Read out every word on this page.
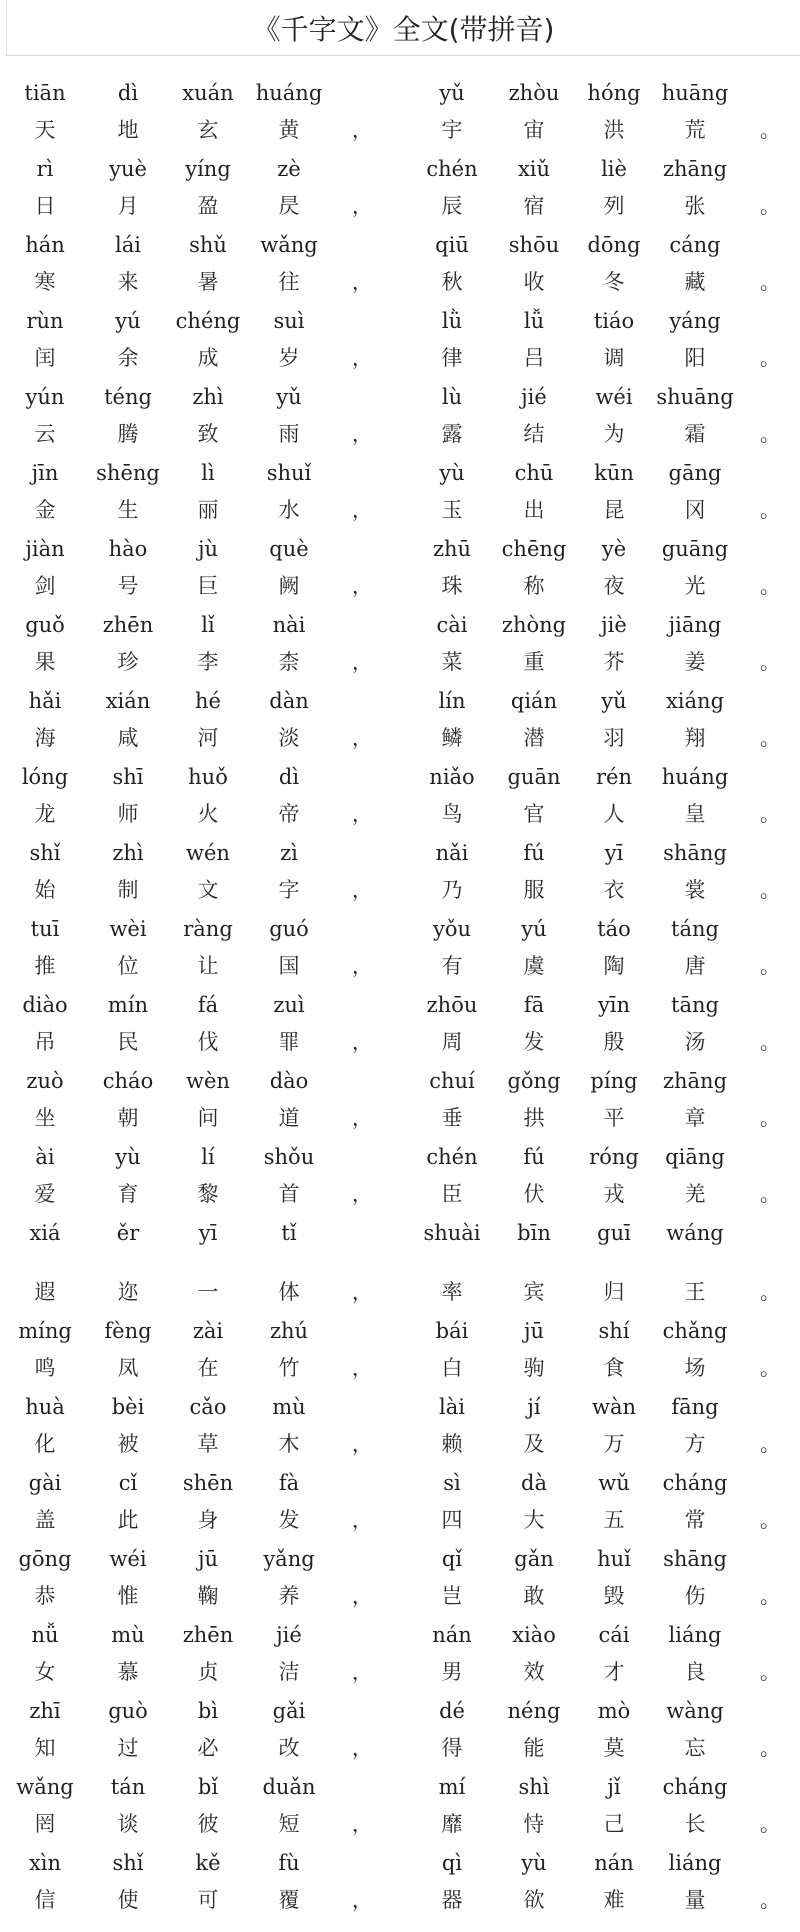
《千字文》全文(带拼音)
tiān	dì	xuán	huáng	yǔ	zhòu	hóng	huāng
天	地	玄	黄	，	宇	宙	洪	荒	。
rì	yuè	yíng	zè	chén	xiǔ	liè	zhāng
日	月	盈	昃	，	辰	宿	列	张	。
hán	lái	shǔ	wǎng	qiū	shōu	dōng	cáng
寒	来	暑	往	，	秋	收	冬	藏	。
rùn	yú	chéng	suì	lǜ	lǚ	tiáo	yáng
闰	余	成	岁	，	律	吕	调	阳	。
yún	téng	zhì	yǔ	lù	jié	wéi	shuāng
云	腾	致	雨	，	露	结	为	霜	。
jīn	shēng	lì	shuǐ	yù	chū	kūn	gāng
金	生	丽	水	，	玉	出	昆	冈	。
jiàn	hào	jù	què	zhū	chēng	yè	guāng
剑	号	巨	阙	，	珠	称	夜	光	。
guǒ	zhēn	lǐ	nài	cài	zhòng	jiè	jiāng
果	珍	李	柰	，	菜	重	芥	姜	。
hǎi	xián	hé	dàn	lín	qián	yǔ	xiáng
海	咸	河	淡	，	鳞	潜	羽	翔	。
lóng	shī	huǒ	dì	niǎo	guān	rén	huáng
龙	师	火	帝	，	鸟	官	人	皇	。
shǐ	zhì	wén	zì	nǎi	fú	yī	shāng
始	制	文	字	，	乃	服	衣	裳	。
tuī	wèi	ràng	guó	yǒu	yú	táo	táng
推	位	让	国	，	有	虞	陶	唐	。
diào	mín	fá	zuì	zhōu	fā	yīn	tāng
吊	民	伐	罪	，	周	发	殷	汤	。
zuò	cháo	wèn	dào	chuí	gǒng	píng	zhāng
坐	朝	问	道	，	垂	拱	平	章	。
ài	yù	lí	shǒu	chén	fú	róng	qiāng
爱	育	黎	首	，	臣	伏	戎	羌	。
xiá	ěr	yī	tǐ	shuài	bīn	guī	wáng
遐	迩	一	体	，	率	宾	归	王	。
míng	fèng	zài	zhú	bái	jū	shí	chǎng
鸣	凤	在	竹	，	白	驹	食	场	。
huà	bèi	cǎo	mù	lài	jí	wàn	fāng
化	被	草	木	，	赖	及	万	方	。
gài	cǐ	shēn	fà	sì	dà	wǔ	cháng
盖	此	身	发	，	四	大	五	常	。
gōng	wéi	jū	yǎng	qǐ	gǎn	huǐ	shāng
恭	惟	鞠	养	，	岂	敢	毁	伤	。
nǚ	mù	zhēn	jié	nán	xiào	cái	liáng
女	慕	贞	洁	，	男	效	才	良	。
zhī	guò	bì	gǎi	dé	néng	mò	wàng
知	过	必	改	，	得	能	莫	忘	。
wǎng	tán	bǐ	duǎn	mí	shì	jǐ	cháng
罔	谈	彼	短	，	靡	恃	己	长	。
xìn	shǐ	kě	fù	qì	yù	nán	liáng
信	使	可	覆	，	器	欲	难	量	。
